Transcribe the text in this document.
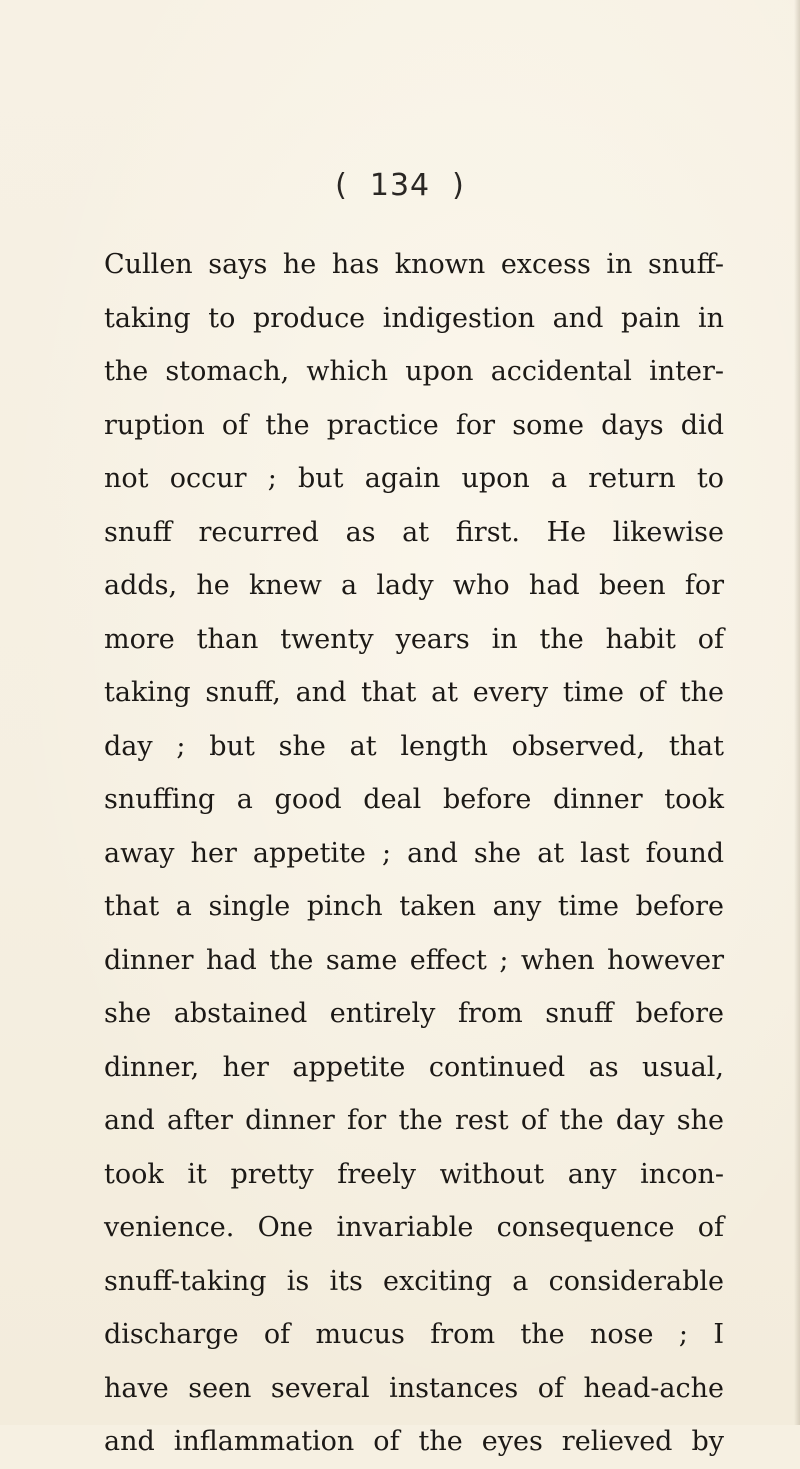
( 134 )
Cullen says he has known excess in snuff-
taking to produce indigestion and pain in
the stomach, which upon accidental inter-
ruption of the practice for some days did
not occur ; but again upon a return to
snuff recurred as at first. He likewise
adds, he knew a lady who had been for
more than twenty years in the habit of
taking snuff, and that at every time of the
day ; but she at length observed, that
snuffing a good deal before dinner took
away her appetite ; and she at last found
that a single pinch taken any time before
dinner had the same effect ; when however
she abstained entirely from snuff before
dinner, her appetite continued as usual,
and after dinner for the rest of the day she
took it pretty freely without any incon-
venience. One invariable consequence of
snuff-taking is its exciting a considerable
discharge of mucus from the nose ; I
have seen several instances of head-ache
and inflammation of the eyes relieved by
